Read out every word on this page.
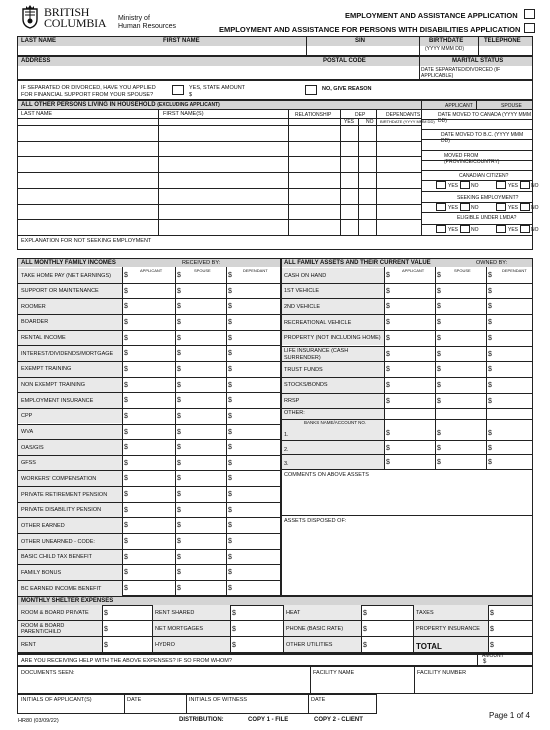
BRITISH
COLUMBIA Ministry of
Human Resources
EMPLOYMENT AND ASSISTANCE APPLICATION
EMPLOYMENT AND ASSISTANCE FOR PERSONS WITH DISABILITIES APPLICATION
LAST NAME	FIRST NAME	SIN	BIRTHDATE
(YYYY MMM DD)
TELEPHONE
ADDRESS	POSTAL CODE	MARITAL STATUS
DATE SEPARATED/DIVORCED (IF APPLICABLE)
IF SEPARATED OR DIVORCED, HAVE YOU APPLIED
FOR FINANCIAL SUPPORT FROM YOUR SPOUSE?
YES, STATE AMOUNT
$
NO, GIVE REASON
ALL OTHER PERSONS LIVING IN HOUSEHOLD (EXCLUDING APPLICANT)	APPLICANT	SPOUSE
LAST NAME	FIRST NAME(S)	RELATIONSHIP	DEP
YES NO
DEPENDANTS
BIRTHDATE (YYYY MMM DD)
DATE MOVED TO CANADA (YYYY MMM DD)
DATE MOVED TO B.C. (YYYY MMM DD)
MOVED FROM (PROVINCE/COUNTRY)
CANADIAN CITIZEN?
SEEKING EMPLOYMENT?
ELIGIBLE UNDER LMDA?
EXPLANATION FOR NOT SEEKING EMPLOYMENT
YES	NO	YES	NO
YES	NO	YES	NO
YES	NO	YES	NO
ALL MONTHLY FAMILY INCOMES	RECEIVED BY:	ALL FAMILY ASSETS AND THEIR CURRENT VALUE	OWNED BY:
APPLICANT	SPOUSE	DEPENDANT
TAKE HOME PAY (NET EARNINGS) $	$	$
SUPPORT OR MAINTENANCE	$	$	$
ROOMER	$	$	$
BOARDER	$	$	$
RENTAL INCOME	$	$	$
INTEREST/DIVIDENDS/MORTGAGE $	$	$
EXEMPT TRAINING	$	$	$
NON EXEMPT TRAINING	$	$	$
EMPLOYMENT INSURANCE	$	$	$
CPP	$	$	$
WVA	$	$	$
OAS/GIS	$	$	$
GFSS	$	$	$
WORKERS' COMPENSATION	$	$	$
PRIVATE RETIREMENT PENSION $	$	$
PRIVATE DISABILITY PENSION	$	$	$
OTHER EARNED	$	$	$
OTHER UNEARNED - CODE:	$	$	$
BASIC CHILD TAX BENEFIT	$	$	$
FAMILY BONUS	$	$	$
BC EARNED INCOME BENEFIT	$	$	$
APPLICANT	SPOUSE	DEPENDANT
CASH ON HAND	$	$	$
1ST VEHICLE	$	$	$
2ND VEHICLE	$	$	$
RECREATIONAL VEHICLE	$	$	$
PROPERTY (NOT INCLUDING HOME) $	$	$
LIFE INSURANCE (CASH SURRENDER)	$	$	$
TRUST FUNDS	$	$	$
STOCKS/BONDS	$	$	$
RRSP	$	$	$
OTHER:
BANKS NAME/ACCOUNT NO.
1.	$	$	$
2.	$	$	$
3.	$	$	$
COMMENTS ON ABOVE ASSETS
ASSETS DISPOSED OF:
MONTHLY SHELTER EXPENSES
ROOM & BOARD PRIVATE	$	RENT SHARED	$	HEAT	$	TAXES	$
ROOM & BOARD PARENT/CHILD	$	NET MORTGAGES	$	PHONE (BASIC RATE)	$	PROPERTY INSURANCE	$
RENT	$	HYDRO	$	OTHER UTILITIES	$	TOTAL	$
ARE YOU RECEIVING HELP WITH THE ABOVE EXPENSES? IF SO FROM WHOM?
AMOUNT
$
DOCUMENTS SEEN:	FACILITY NAME	FACILITY NUMBER
INITIALS OF APPLICANT(S)	DATE	INITIALS OF WITNESS	DATE
HR80 (03/09/22)	DISTRIBUTION:	COPY 1 - FILE	COPY 2 - CLIENT	Page 1 of 4
